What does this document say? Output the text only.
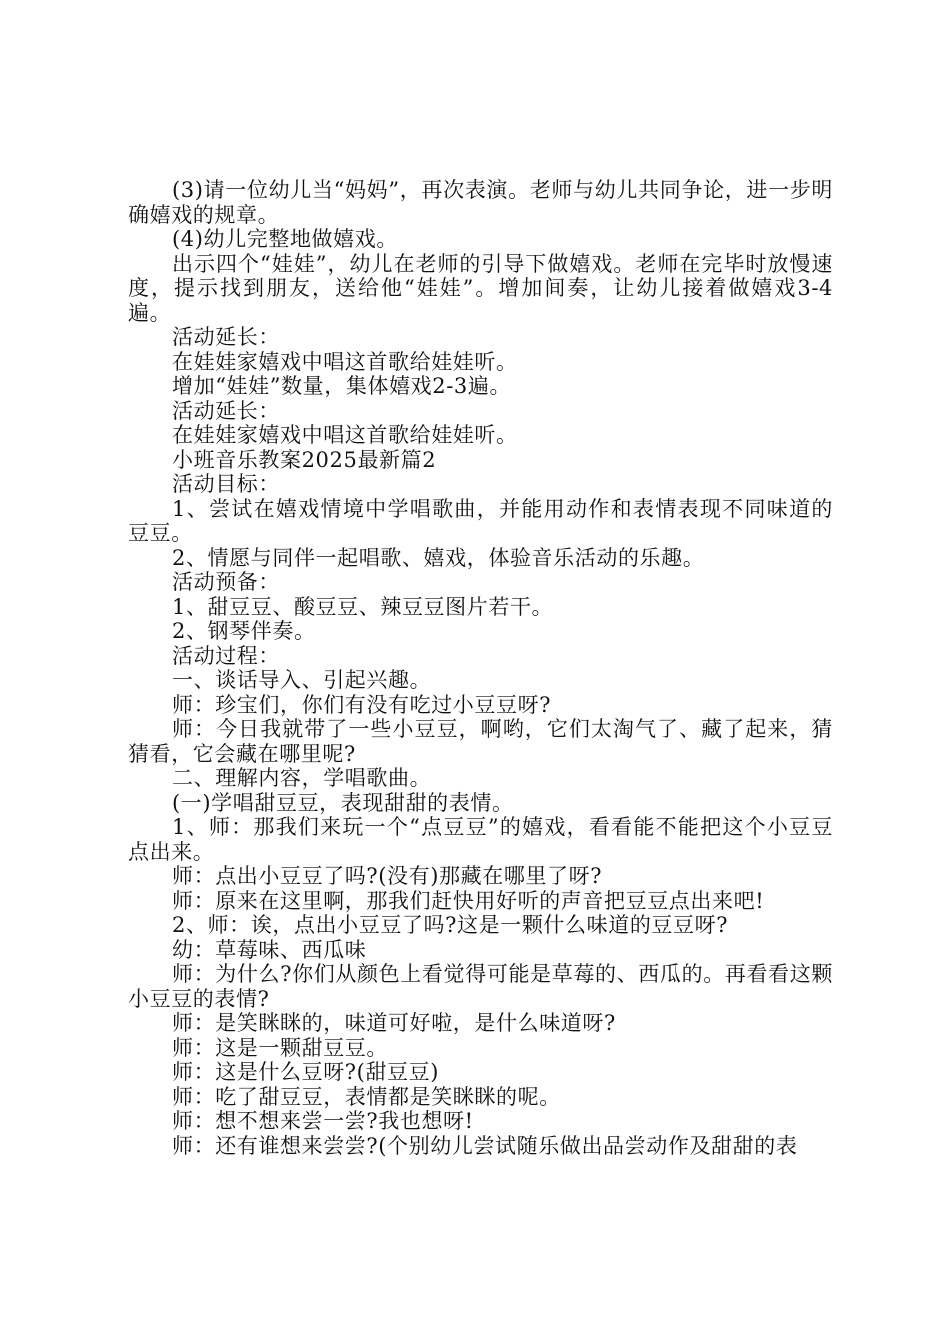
(3)请一位幼儿当“妈妈”，再次表演。老师与幼儿共同争论，进一步明确嬉戏的规章。

(4)幼儿完整地做嬉戏。

出示四个“娃娃”，幼儿在老师的引导下做嬉戏。老师在完毕时放慢速度，提示找到朋友，送给他“娃娃”。增加间奏，让幼儿接着做嬉戏3-4遍。

活动延长：

在娃娃家嬉戏中唱这首歌给娃娃听。

增加“娃娃”数量，集体嬉戏2-3遍。

活动延长：

在娃娃家嬉戏中唱这首歌给娃娃听。

小班音乐教案2025最新篇2

活动目标：

1、尝试在嬉戏情境中学唱歌曲，并能用动作和表情表现不同味道的豆豆。

2、情愿与同伴一起唱歌、嬉戏，体验音乐活动的乐趣。

活动预备：

1、甜豆豆、酸豆豆、辣豆豆图片若干。

2、钢琴伴奏。

活动过程：

一、谈话导入、引起兴趣。

师：珍宝们，你们有没有吃过小豆豆呀?

师：今日我就带了一些小豆豆，啊哟，它们太淘气了、藏了起来，猜猜看，它会藏在哪里呢?

二、理解内容，学唱歌曲。

(一)学唱甜豆豆，表现甜甜的表情。

1、师：那我们来玩一个“点豆豆”的嬉戏，看看能不能把这个小豆豆点出来。

师：点出小豆豆了吗?(没有)那藏在哪里了呀?

师：原来在这里啊，那我们赶快用好听的声音把豆豆点出来吧!

2、师：诶，点出小豆豆了吗?这是一颗什么味道的豆豆呀?

幼：草莓味、西瓜味

师：为什么?你们从颜色上看觉得可能是草莓的、西瓜的。再看看这颗小豆豆的表情?

师：是笑眯眯的，味道可好啦，是什么味道呀?

师：这是一颗甜豆豆。

师：这是什么豆呀?(甜豆豆)

师：吃了甜豆豆，表情都是笑眯眯的呢。

师：想不想来尝一尝?我也想呀!

师：还有谁想来尝尝?(个别幼儿尝试随乐做出品尝动作及甜甜的表
